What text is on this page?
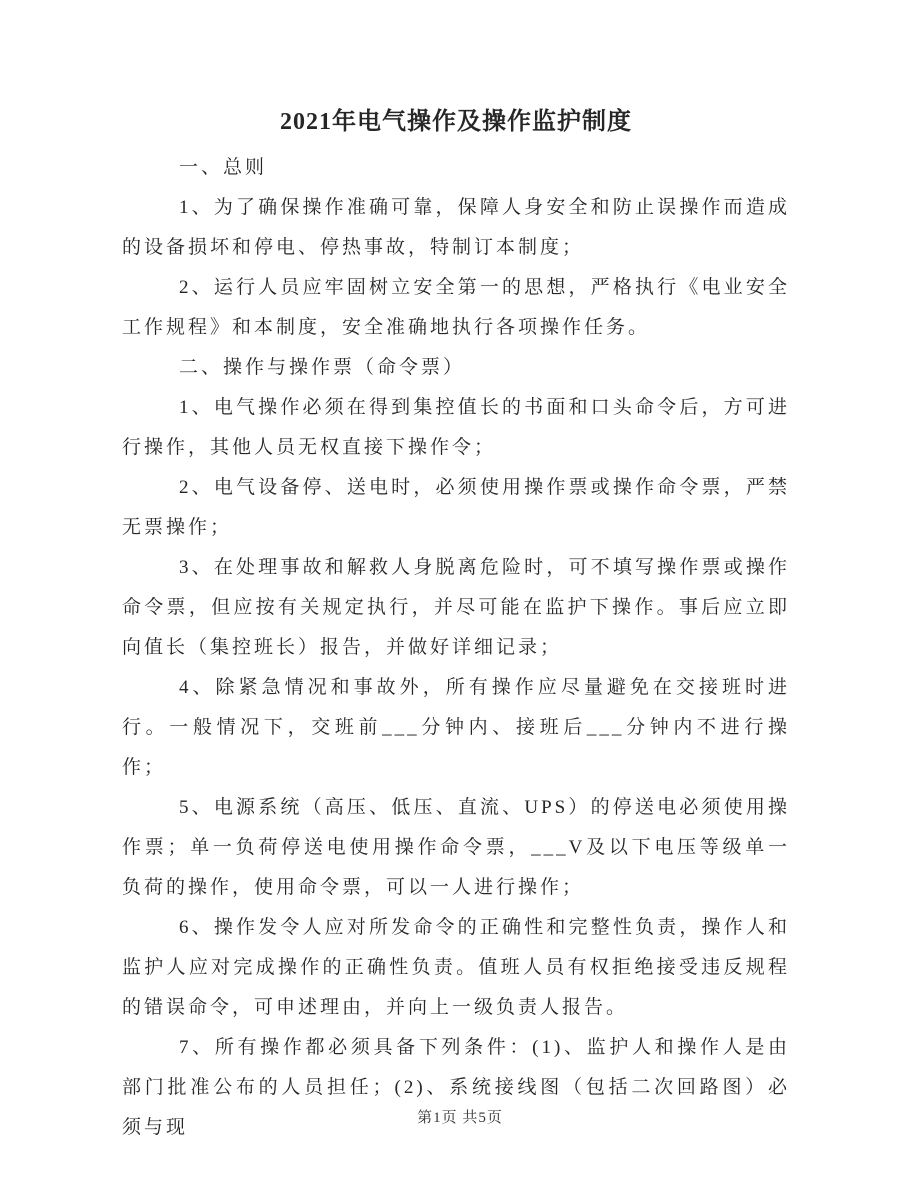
2021年电气操作及操作监护制度

一、总则

1、为了确保操作准确可靠，保障人身安全和防止误操作而造成的设备损坏和停电、停热事故，特制订本制度；

2、运行人员应牢固树立安全第一的思想，严格执行《电业安全工作规程》和本制度，安全准确地执行各项操作任务。

二、操作与操作票（命令票）

1、电气操作必须在得到集控值长的书面和口头命令后，方可进行操作，其他人员无权直接下操作令；

2、电气设备停、送电时，必须使用操作票或操作命令票，严禁无票操作；

3、在处理事故和解救人身脱离危险时，可不填写操作票或操作命令票，但应按有关规定执行，并尽可能在监护下操作。事后应立即向值长（集控班长）报告，并做好详细记录；

4、除紧急情况和事故外，所有操作应尽量避免在交接班时进行。一般情况下，交班前___分钟内、接班后___分钟内不进行操作；

5、电源系统（高压、低压、直流、UPS）的停送电必须使用操作票；单一负荷停送电使用操作命令票，___V及以下电压等级单一负荷的操作，使用命令票，可以一人进行操作；

6、操作发令人应对所发命令的正确性和完整性负责，操作人和监护人应对完成操作的正确性负责。值班人员有权拒绝接受违反规程的错误命令，可申述理由，并向上一级负责人报告。

7、所有操作都必须具备下列条件：(1)、监护人和操作人是由部门批准公布的人员担任；(2)、系统接线图（包括二次回路图）必须与现	第1页 共5页
